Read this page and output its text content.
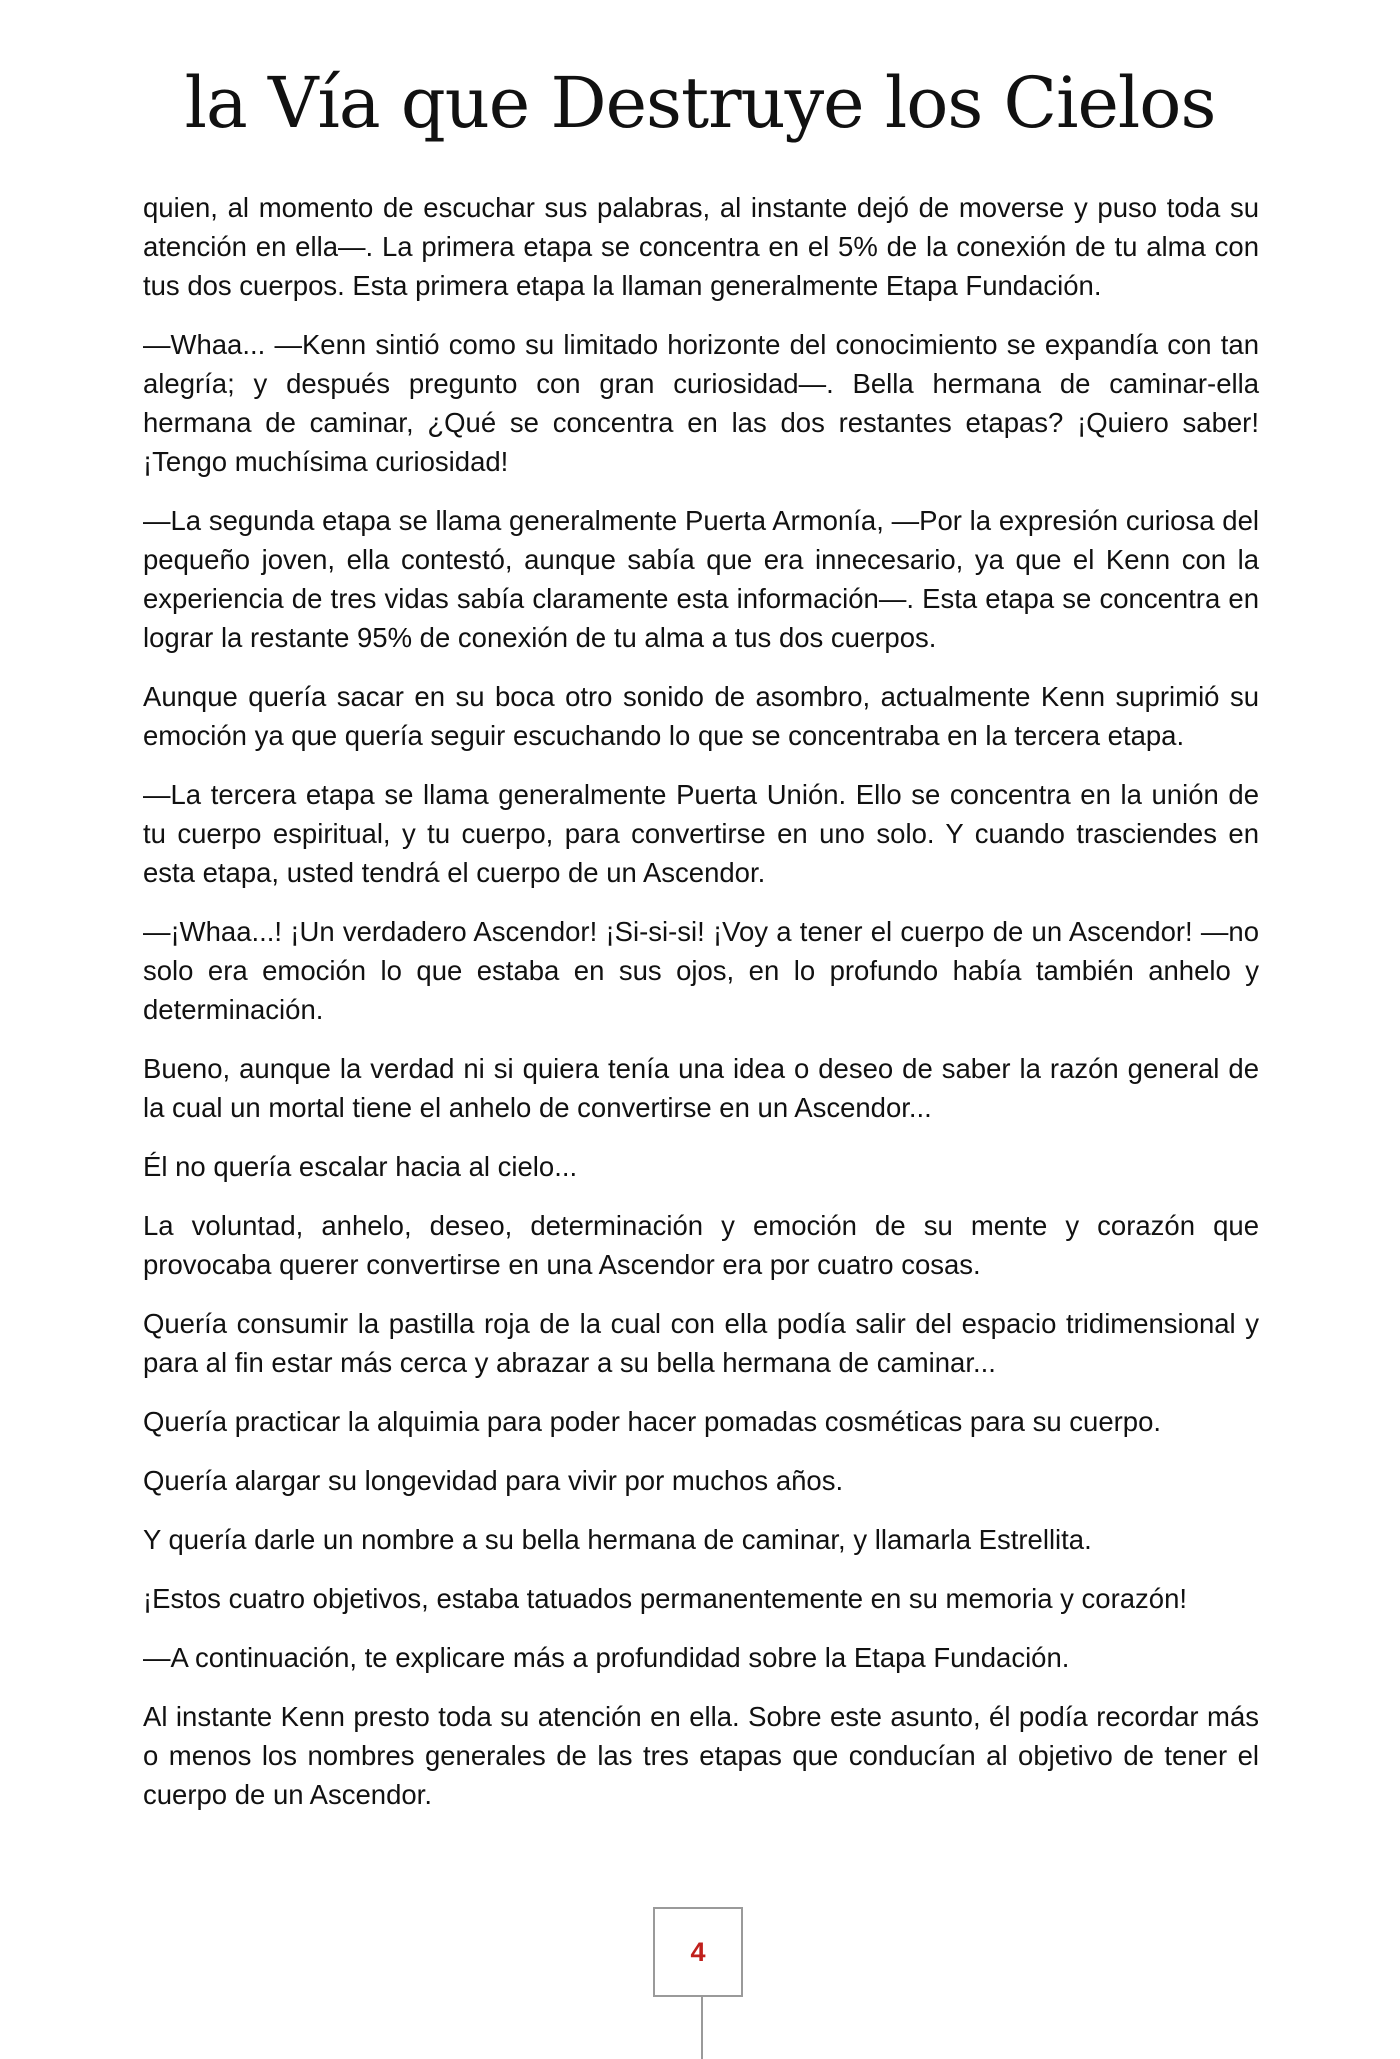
la Vía que Destruye los Cielos

quien, al momento de escuchar sus palabras, al instante dejó de moverse y puso toda su atención en ella—. La primera etapa se concentra en el 5% de la conexión de tu alma con tus dos cuerpos. Esta primera etapa la llaman generalmente Etapa Fundación.

—Whaa... —Kenn sintió como su limitado horizonte del conocimiento se expandía con tan alegría; y después pregunto con gran curiosidad—. Bella hermana de caminar-ella hermana de caminar, ¿Qué se concentra en las dos restantes etapas? ¡Quiero saber! ¡Tengo muchísima curiosidad!

—La segunda etapa se llama generalmente Puerta Armonía, —Por la expresión curiosa del pequeño joven, ella contestó, aunque sabía que era innecesario, ya que el Kenn con la experiencia de tres vidas sabía claramente esta información—. Esta etapa se concentra en lograr la restante 95% de conexión de tu alma a tus dos cuerpos.

Aunque quería sacar en su boca otro sonido de asombro, actualmente Kenn suprimió su emoción ya que quería seguir escuchando lo que se concentraba en la tercera etapa.

—La tercera etapa se llama generalmente Puerta Unión. Ello se concentra en la unión de tu cuerpo espiritual, y tu cuerpo, para convertirse en uno solo. Y cuando trasciendes en esta etapa, usted tendrá el cuerpo de un Ascendor.

—¡Whaa...! ¡Un verdadero Ascendor! ¡Si-si-si! ¡Voy a tener el cuerpo de un Ascendor! —no solo era emoción lo que estaba en sus ojos, en lo profundo había también anhelo y determinación.

Bueno, aunque la verdad ni si quiera tenía una idea o deseo de saber la razón general de la cual un mortal tiene el anhelo de convertirse en un Ascendor...

Él no quería escalar hacia al cielo...

La voluntad, anhelo, deseo, determinación y emoción de su mente y corazón que provocaba querer convertirse en una Ascendor era por cuatro cosas.

Quería consumir la pastilla roja de la cual con ella podía salir del espacio tridimensional y para al fin estar más cerca y abrazar a su bella hermana de caminar...

Quería practicar la alquimia para poder hacer pomadas cosméticas para su cuerpo.

Quería alargar su longevidad para vivir por muchos años.

Y quería darle un nombre a su bella hermana de caminar, y llamarla Estrellita.

¡Estos cuatro objetivos, estaba tatuados permanentemente en su memoria y corazón!

—A continuación, te explicare más a profundidad sobre la Etapa Fundación.

Al instante Kenn presto toda su atención en ella. Sobre este asunto, él podía recordar más o menos los nombres generales de las tres etapas que conducían al objetivo de tener el cuerpo de un Ascendor.

4
